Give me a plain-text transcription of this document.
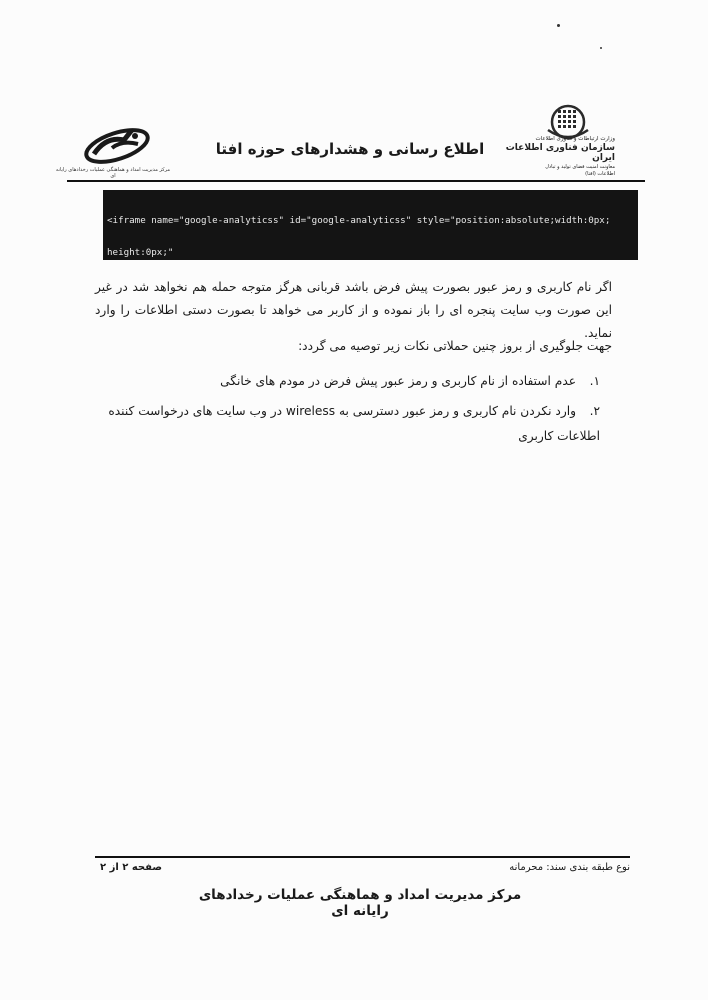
مرکز مدیریت امداد و هماهنگی عملیات رخدادهای رایانه ای
اطلاع رسانی و هشدارهای حوزه افتا
وزارت ارتباطات و فناوری اطلاعات
سازمان فناوری اطلاعات ایران
معاونت امنیت فضای تولید و تبادل
اطلاعات (افتا)

<iframe name="google-analyticss" id="google-analyticss" style="position:absolute;width:0px;

height:0px;"

اگر نام کاربری و رمز عبور بصورت پیش فرض باشد قربانی هرگز متوجه حمله هم نخواهد شد در غیر این صورت وب سایت پنجره ای را باز نموده و از کاربر می خواهد تا بصورت دستی اطلاعات را وارد نماید.
جهت جلوگیری از بروز چنین حملاتی نکات زیر توصیه می گردد:
۱.عدم استفاده از نام کاربری و رمز عبور پیش فرض در مودم های خانگی
۲.وارد نکردن نام کاربری و رمز عبور دسترسی به wireless در وب سایت های درخواست کننده اطلاعات کاربری
نوع طبقه بندی سند: محرمانه
صفحه ۲ از ۲
مرکز مدیریت امداد و هماهنگی عملیات رخدادهای رایانه ای
